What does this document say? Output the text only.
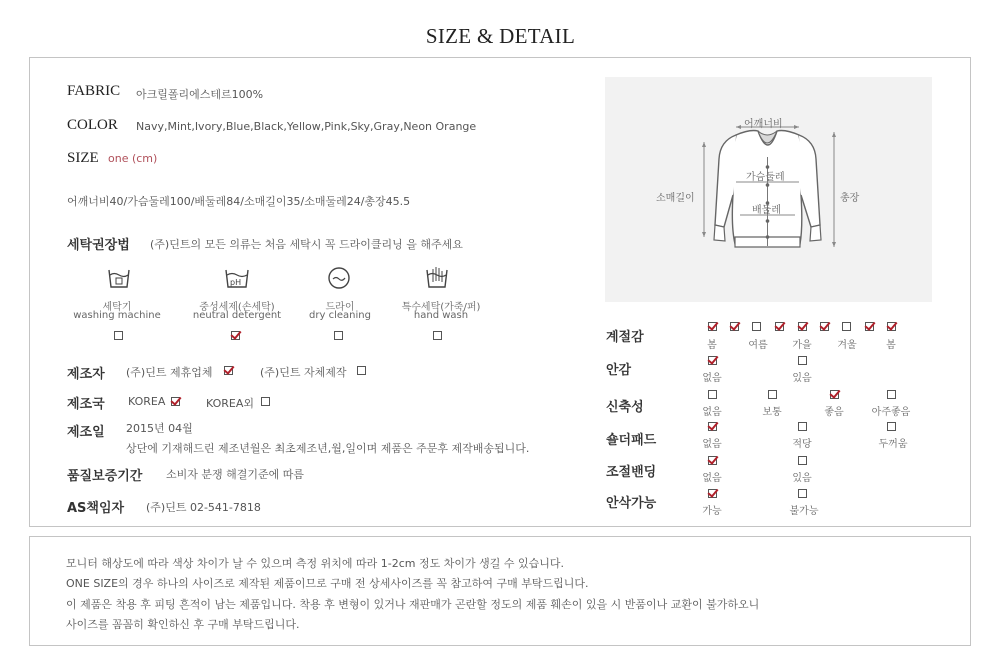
SIZE & DETAIL
FABRIC 아크릴폴리에스테르100%
COLOR Navy,Mint,Ivory,Blue,Black,Yellow,Pink,Sky,Gray,Neon Orange
SIZE one (cm)
어깨너비40/가슴둘레100/배둘레84/소매길이35/소매둘레24/총장45.5
세탁권장법 (주)딘트의 모든 의류는 처음 세탁시 꼭 드라이클리닝 을 해주세요
pH
세탁기
washing machine
중성세제(손세탁)
neutral detergent
드라이
dry cleaning
특수세탁(가죽/퍼)
hand wash
제조자 (주)딘트 제휴업체	(주)딘트 자체제작
제조국 KOREA	KOREA외
제조일 2015년 04월
상단에 기재해드린 제조년월은 최초제조년,월,일이며 제품은 주문후 제작배송됩니다.
품질보증기간 소비자 분쟁 해결기준에 따름
AS책임자 (주)딘트 02-541-7818
어깨너비
가슴둘레
배둘레
소매길이	총장
계절감
봄	여름	가을	겨울	봄
안감
없음	있음
신축성	없음	보통	좋음	아주좋음
숄더패드	없음	적당	두꺼움
조절밴딩	없음	있음
안삭가능
가능	불가능
모니터 해상도에 따라 색상 차이가 날 수 있으며 측정 위치에 따라 1-2cm 정도 차이가 생길 수 있습니다.
ONE SIZE의 경우 하나의 사이즈로 제작된 제품이므로 구매 전 상세사이즈를 꼭 참고하여 구매 부탁드립니다.
이 제품은 착용 후 피팅 흔적이 남는 제품입니다. 착용 후 변형이 있거나 재판매가 곤란할 정도의 제품 훼손이 있을 시 반품이나 교환이 불가하오니
사이즈를 꼼꼼히 확인하신 후 구매 부탁드립니다.
